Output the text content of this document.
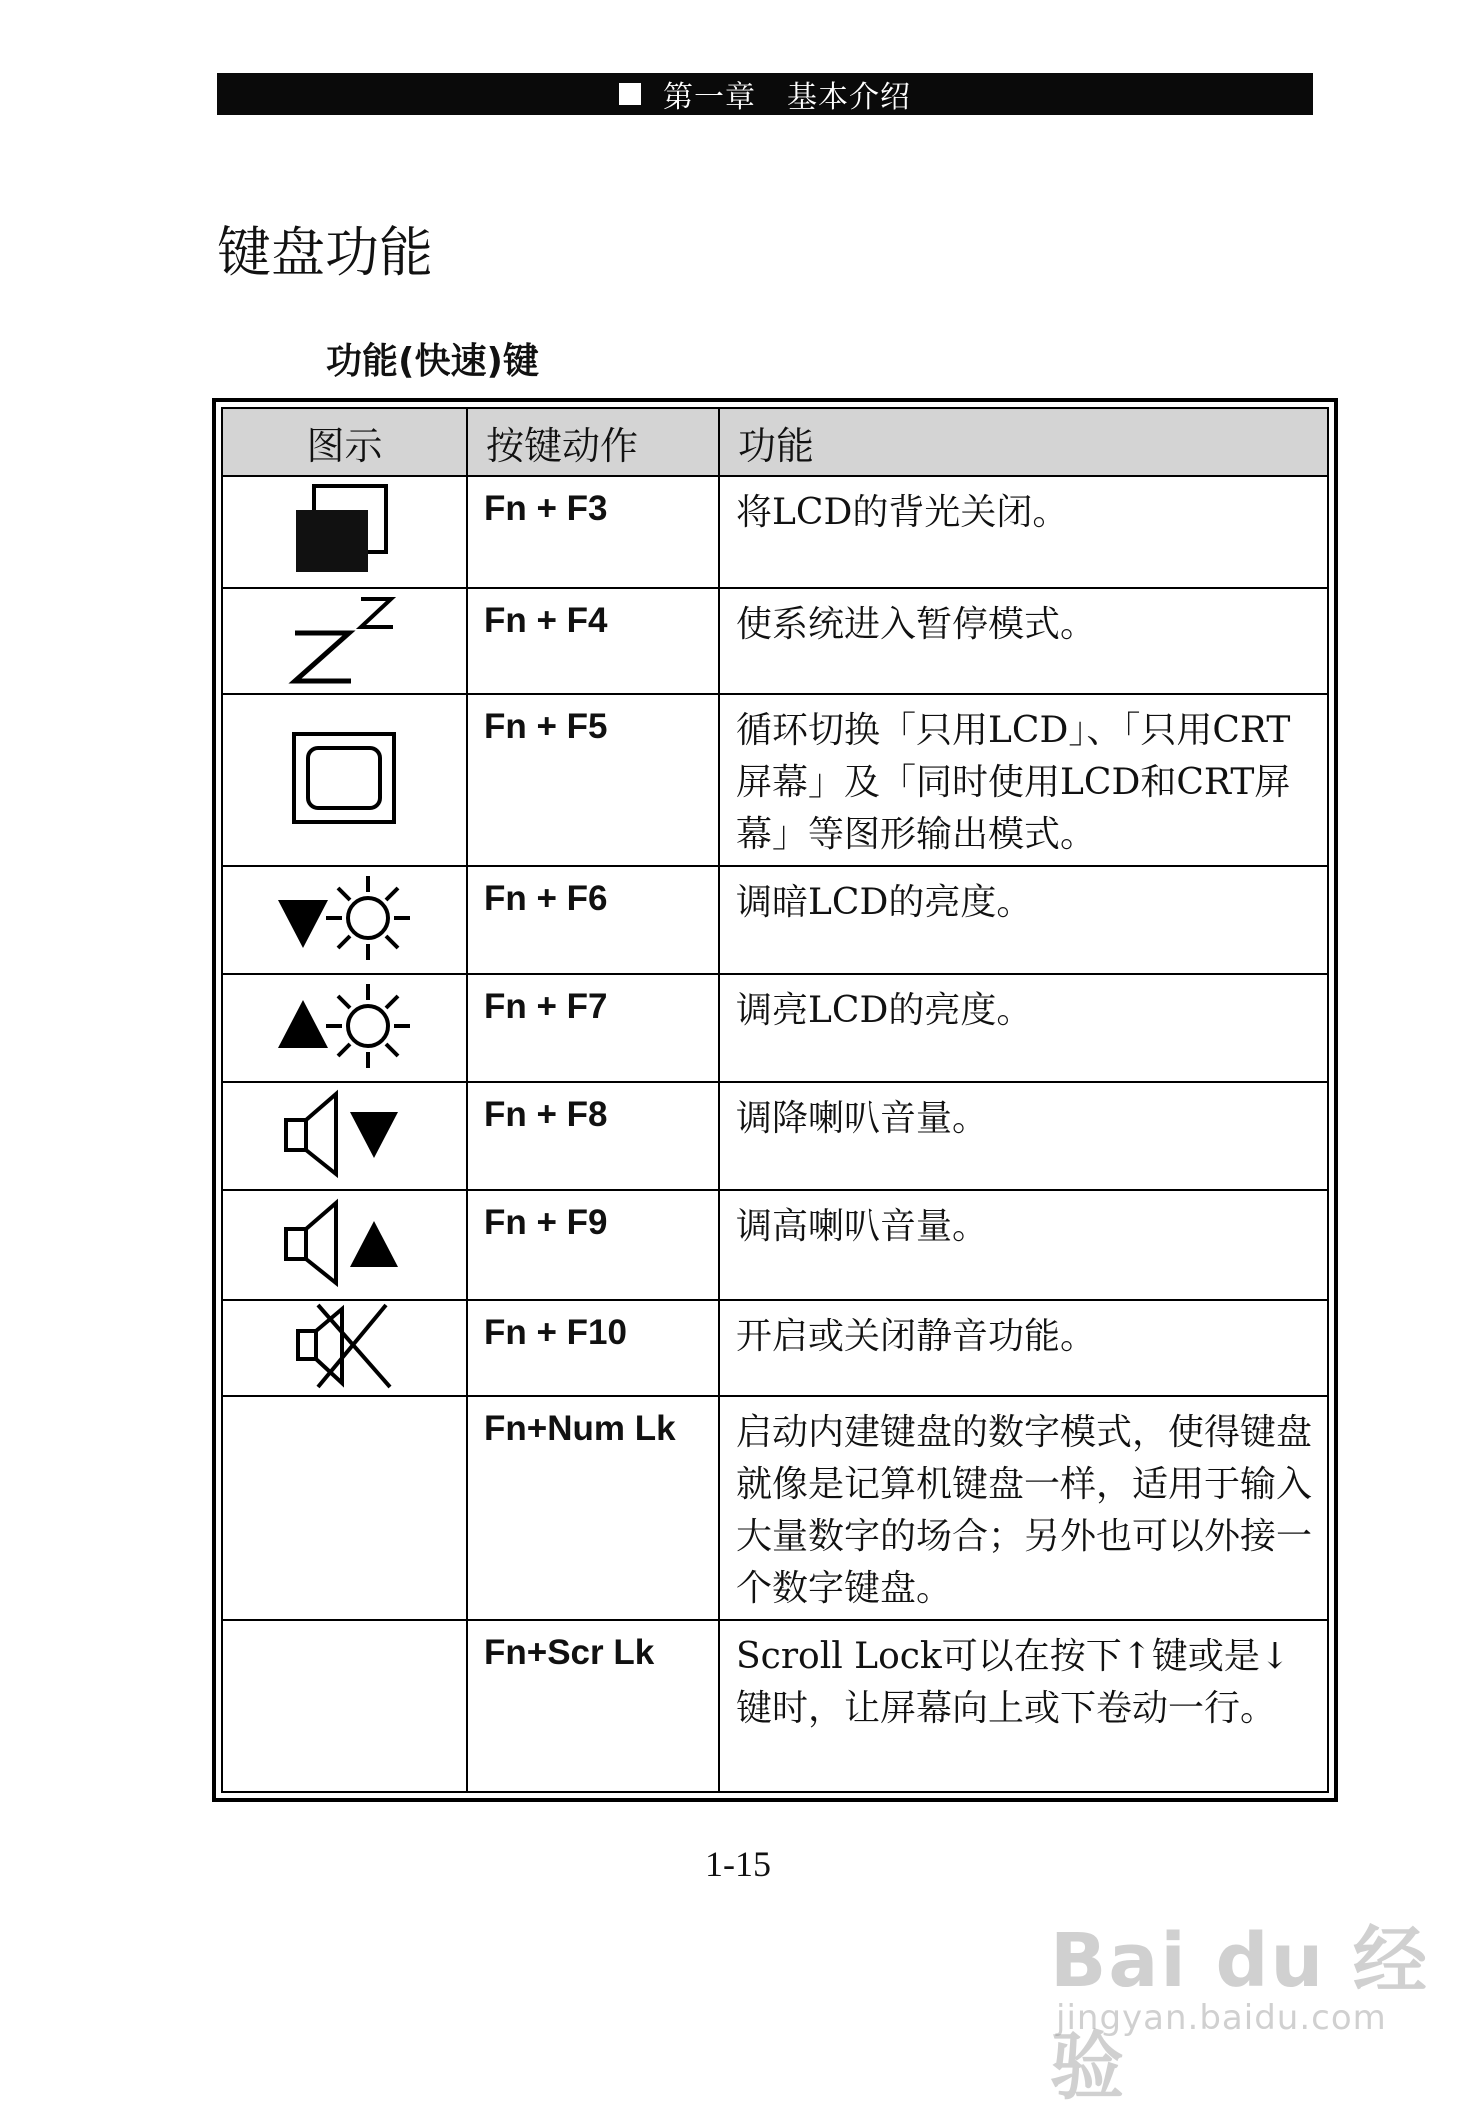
第一章　基本介绍
键盘功能
功能(快速)键
图示	按键动作	功能
	Fn + F3	将LCD的背光关闭。
	Fn + F4	使系统进入暂停模式。
	Fn + F5	循环切换「只用LCD」、「只用CRT屏幕」及「同时使用LCD和CRT屏幕」等图形输出模式。
	Fn + F6	调暗LCD的亮度。
	Fn + F7	调亮LCD的亮度。
	Fn + F8	调降喇叭音量。
	Fn + F9	调高喇叭音量。
	Fn + F10	开启或关闭静音功能。
	Fn+Num Lk	启动内建键盘的数字模式，使得键盘就像是记算机键盘一样，适用于输入大量数字的场合；另外也可以外接一个数字键盘。
	Fn+Scr Lk	Scroll Lock可以在按下↑键或是↓键时，让屏幕向上或下卷动一行。
1-15
Bai du 经验
jingyan.baidu.com
